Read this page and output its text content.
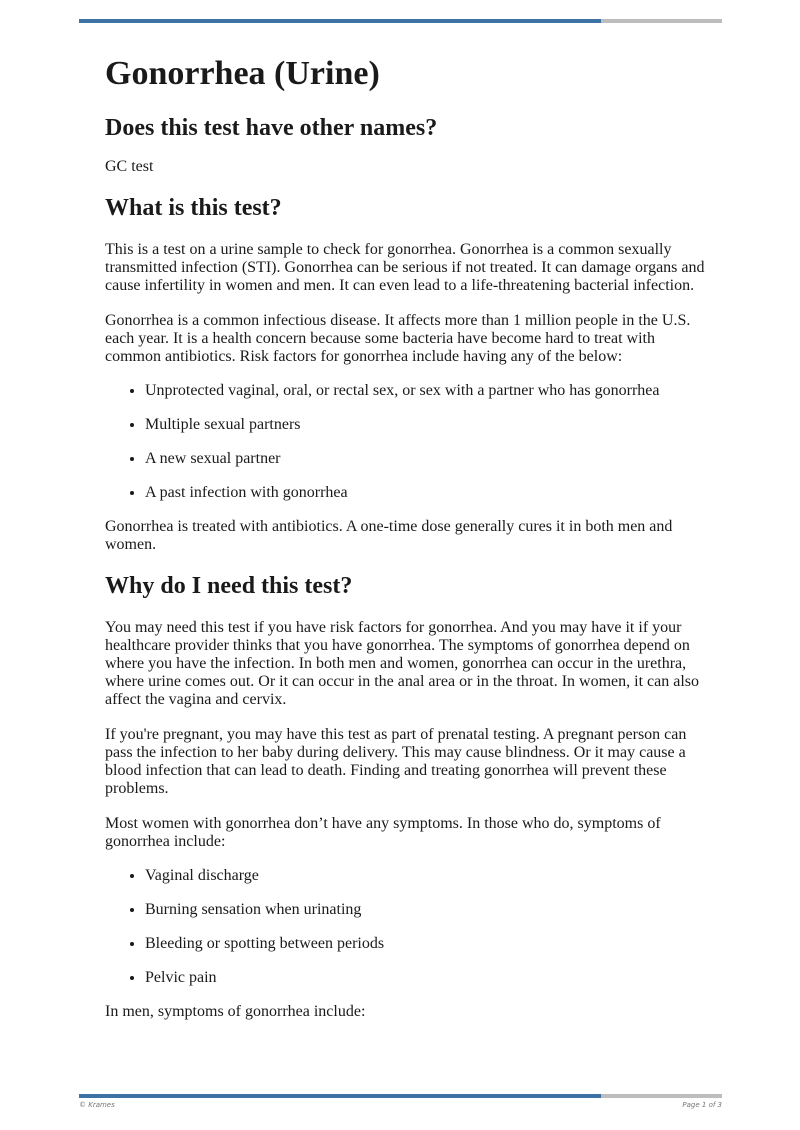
Gonorrhea (Urine)
Does this test have other names?

GC test

What is this test?

This is a test on a urine sample to check for gonorrhea. Gonorrhea is a common sexually transmitted infection (STI). Gonorrhea can be serious if not treated. It can damage organs and cause infertility in women and men. It can even lead to a life-threatening bacterial infection.

Gonorrhea is a common infectious disease. It affects more than 1 million people in the U.S. each year. It is a health concern because some bacteria have become hard to treat with common antibiotics. Risk factors for gonorrhea include having any of the below:

• Unprotected vaginal, oral, or rectal sex, or sex with a partner who has gonorrhea
• Multiple sexual partners
• A new sexual partner
• A past infection with gonorrhea

Gonorrhea is treated with antibiotics. A one-time dose generally cures it in both men and women.

Why do I need this test?

You may need this test if you have risk factors for gonorrhea. And you may have it if your healthcare provider thinks that you have gonorrhea. The symptoms of gonorrhea depend on where you have the infection. In both men and women, gonorrhea can occur in the urethra, where urine comes out. Or it can occur in the anal area or in the throat. In women, it can also affect the vagina and cervix.

If you're pregnant, you may have this test as part of prenatal testing. A pregnant person can pass the infection to her baby during delivery. This may cause blindness. Or it may cause a blood infection that can lead to death. Finding and treating gonorrhea will prevent these problems.

Most women with gonorrhea don’t have any symptoms. In those who do, symptoms of gonorrhea include:

• Vaginal discharge
• Burning sensation when urinating
• Bleeding or spotting between periods
• Pelvic pain

In men, symptoms of gonorrhea include:

© Krames	Page 1 of 3
